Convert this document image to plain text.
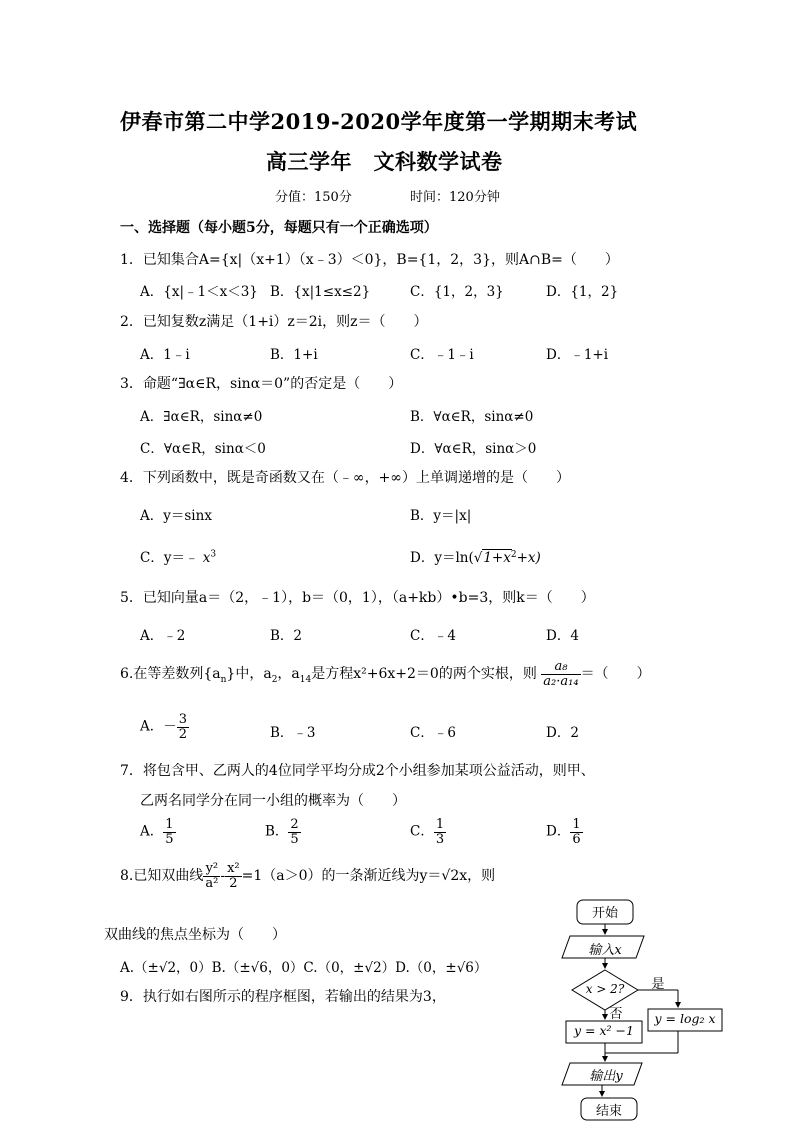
伊春市第二中学2019-2020学年度第一学期期末考试
高三学年　文科数学试卷
分值：150分	时间：120分钟
一、选择题（每小题5分，每题只有一个正确选项）
1．已知集合A={x|（x+1）（x﹣3）＜0}，B={1，2，3}，则A∩B=（　　）
A．{x|﹣1＜x＜3} B．{x|1≤x≤2}	C．{1，2，3}	D．{1，2}
2．已知复数z满足（1+i）z＝2i，则z＝（　　）
A．1﹣i	B．1+i	C．﹣1﹣i	D．﹣1+i
3．命题“∃α∈R，sinα＝0”的否定是（　　）
A．∃α∈R，sinα≠0	B．∀α∈R，sinα≠0
C．∀α∈R，sinα＜0	D．∀α∈R，sinα＞0
4．下列函数中，既是奇函数又在（﹣∞，+∞）上单调递增的是（　　）
A．y＝sinx	B．y＝|x|
C．y＝﹣ $x^3$	D．$y=\ln(√1+x^2+x)$
5．已知向量a＝（2，﹣1），b＝（0，1），（a+kb）•b=3，则k＝（　　）
A．﹣2	B．2	C．﹣4	D．4
6.在等差数列$\{a_n\}$中，$a_2$，$a_{14}$是方程x²+6x+2＝0的两个实根，则 $\frac{\text{a₈}}{\text{a₂·a₁₄}}$ ＝（　　）
A．－ $\frac{3}{2}$	B．﹣3	C．﹣6	D．2
7．将包含甲、乙两人的4位同学平均分成2个小组参加某项公益活动，则甲、
乙两名同学分在同一小组的概率为（　　）
A． $\frac{1}{5}$	B． $\frac{2}{5}$	C． $\frac{1}{3}$	D． $\frac{1}{6}$
8.已知双曲线 $\frac{\text{y²}}{\text{a²}} - \frac{\text{x²}}{2} =1(a>0)$的一条渐近线为y＝√2x，则
双曲线的焦点坐标为（　　）
A.（±√2，0）B.（±√6，0）C.（0，±√2）D.（0，±√6）
9．执行如右图所示的程序框图，若输出的结果为3，
开始
输入x
x > 2?	是
否
y = x² −1
y = log₂ x
输出y
结束
